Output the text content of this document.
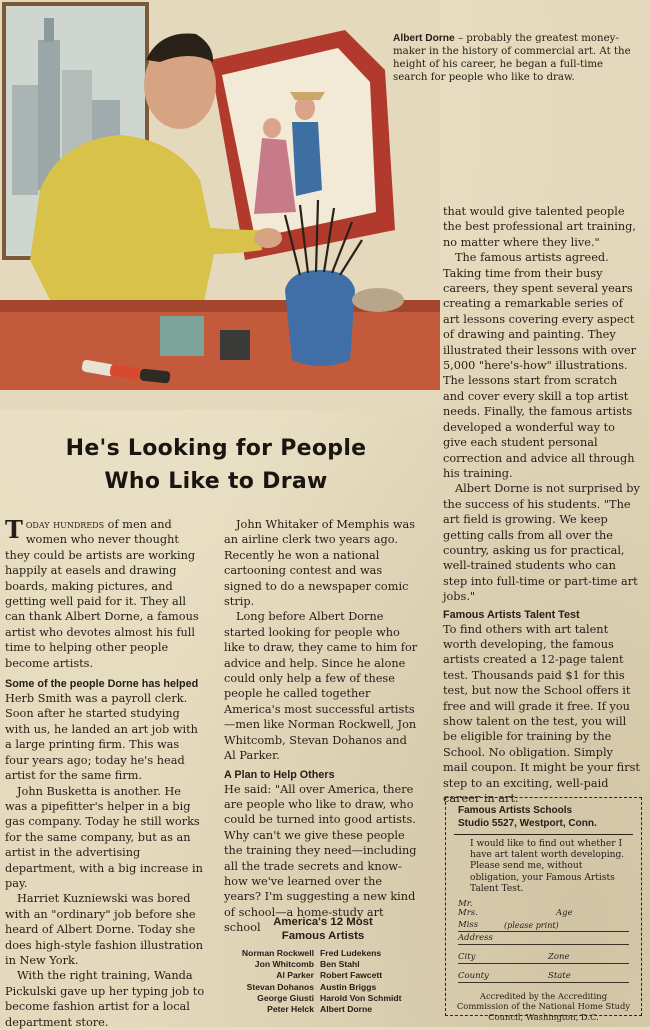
Albert Dorne – probably the greatest money-maker in the history of commercial art. At the height of his career, he began a full-time search for people who like to draw.
He's Looking for People
Who Like to Draw

Today hundreds of men and women who never thought they could be artists are working happily at easels and drawing boards, making pictures, and getting well paid for it. They all can thank Albert Dorne, a famous artist who devotes almost his full time to helping other people become artists.

Some of the people Dorne has helped

Herb Smith was a payroll clerk. Soon after he started studying with us, he landed an art job with a large printing firm. This was four years ago; today he's head artist for the same firm.

John Busketta is another. He was a pipefitter's helper in a big gas company. Today he still works for the same company, but as an artist in the advertising department, with a big increase in pay.

Harriet Kuzniewski was bored with an "ordinary" job before she heard of Albert Dorne. Today she does high-style fashion illustration in New York.

With the right training, Wanda Pickulski gave up her typing job to become fashion artist for a local department store.

John Whitaker of Memphis was an airline clerk two years ago. Recently he won a national cartooning contest and was signed to do a newspaper comic strip.

Long before Albert Dorne started looking for people who like to draw, they came to him for advice and help. Since he alone could only help a few of these people he called together America's most successful artists—men like Norman Rockwell, Jon Whitcomb, Stevan Dohanos and Al Parker.

A Plan to Help Others

He said: "All over America, there are people who like to draw, who could be turned into good artists. Why can't we give these people the training they need—including all the trade secrets and know-how we've learned over the years? I'm suggesting a new kind of school—a home-study art school	America's 12 Most
Famous Artists
Norman Rockwell Fred Ludekens
Jon Whitcomb Ben Stahl
Al Parker Robert Fawcett
Stevan Dohanos Austin Briggs
George Giusti Harold Von Schmidt
Peter Helck Albert Dorne

that would give talented people the best professional art training, no matter where they live."

The famous artists agreed. Taking time from their busy careers, they spent several years creating a remarkable series of art lessons covering every aspect of drawing and painting. They illustrated their lessons with over 5,000 "here's-how" illustrations. The lessons start from scratch and cover every skill a top artist needs. Finally, the famous artists developed a wonderful way to give each student personal correction and advice all through his training.

Albert Dorne is not surprised by the success of his students. "The art field is growing. We keep getting calls from all over the country, asking us for practical, well-trained students who can step into full-time or part-time art jobs."

Famous Artists Talent Test

To find others with art talent worth developing, the famous artists created a 12-page talent test. Thousands paid $1 for this test, but now the School offers it free and will grade it free. If you show talent on the test, you will be eligible for training by the School. No obligation. Simply mail coupon. It might be your first step to an exciting, well-paid career in art.

Famous Artists Schools
Studio 5527, Westport, Conn.
I would like to find out whether I have art talent worth developing. Please send me, without obligation, your Famous Artists Talent Test.
Mr.
Mrs.	Age
Miss	(please print)
Address
City	Zone
County	State
Accredited by the Accrediting Commission of the National Home Study Council, Washington, D.C.
